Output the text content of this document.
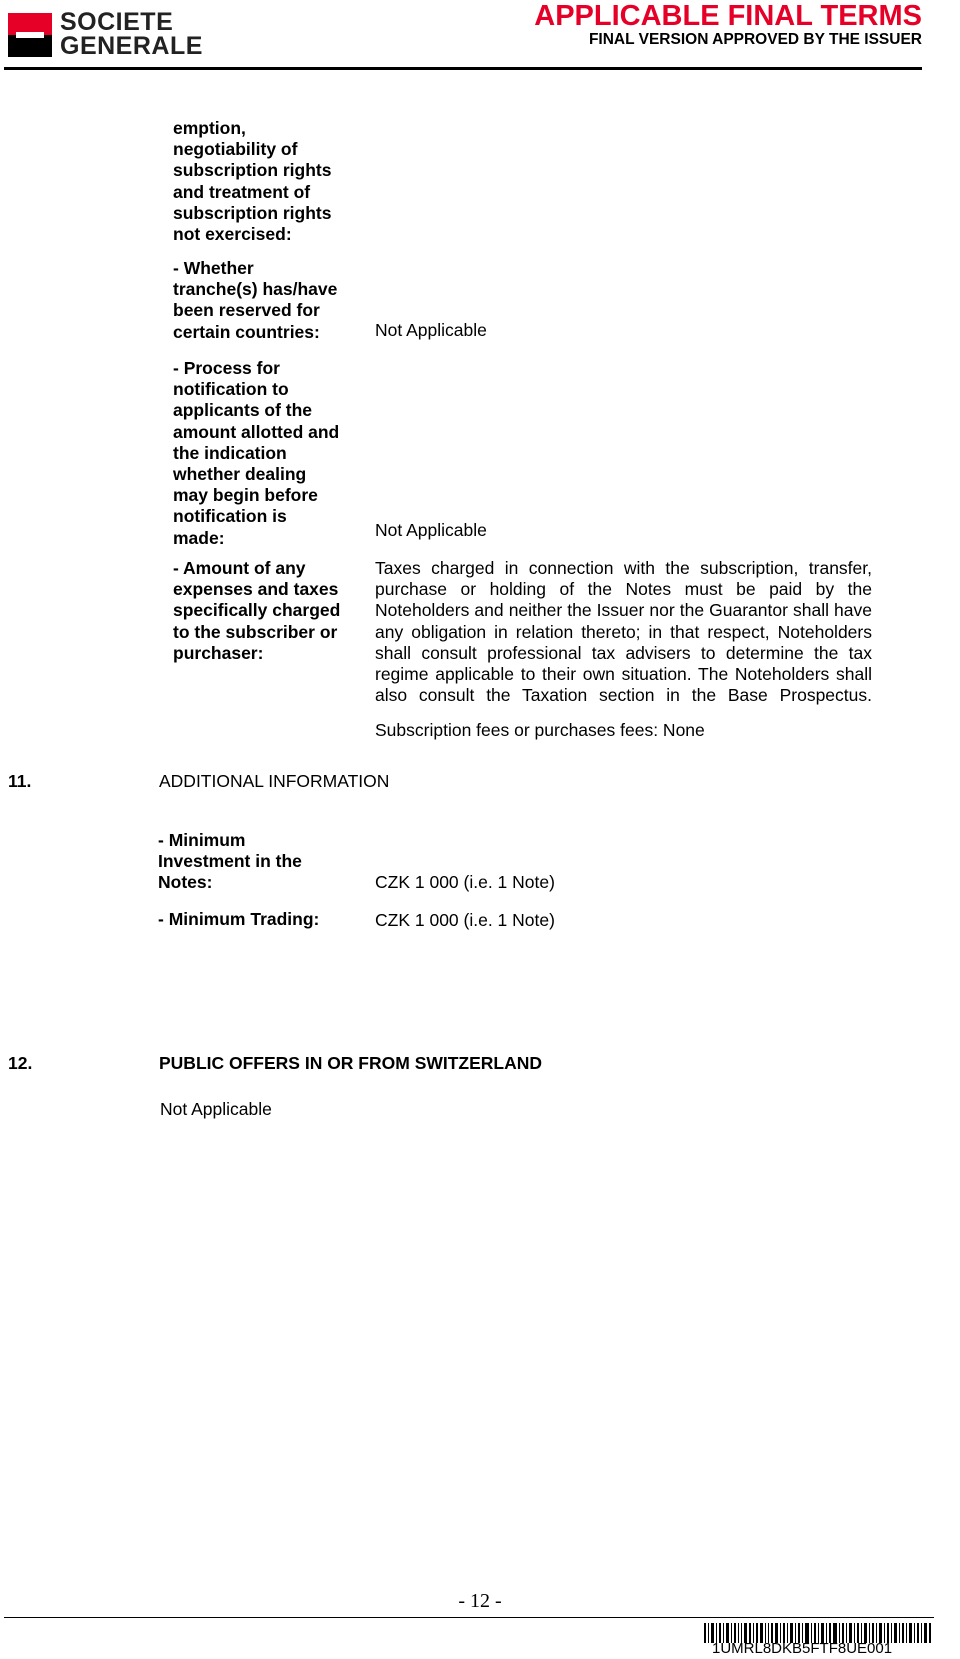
SOCIETE
GENERALE
APPLICABLE FINAL TERMS
FINAL VERSION APPROVED BY THE ISSUER
emption,
negotiability of
subscription rights
and treatment of
subscription rights
not exercised:
- Whether
tranche(s) has/have
been reserved for
certain countries:	Not Applicable
- Process for
notification to
applicants of the
amount allotted and
the indication
whether dealing
may begin before
notification is
made:	Not Applicable
- Amount of any
expenses and taxes
specifically charged
to the subscriber or
purchaser:
Taxes charged in connection with the subscription, transfer,
purchase or holding of the Notes must be paid by the
Noteholders and neither the Issuer nor the Guarantor shall have
any obligation in relation thereto; in that respect, Noteholders
shall consult professional tax advisers to determine the tax
regime applicable to their own situation. The Noteholders shall
also consult the Taxation section in the Base Prospectus.
Subscription fees or purchases fees: None
11.	ADDITIONAL INFORMATION
- Minimum
Investment in the
Notes:	CZK 1 000 (i.e. 1 Note)
- Minimum Trading:	CZK 1 000 (i.e. 1 Note)
12.	PUBLIC OFFERS IN OR FROM SWITZERLAND
Not Applicable
- 12 -
1UMRL8DKB5FTF8UE001
